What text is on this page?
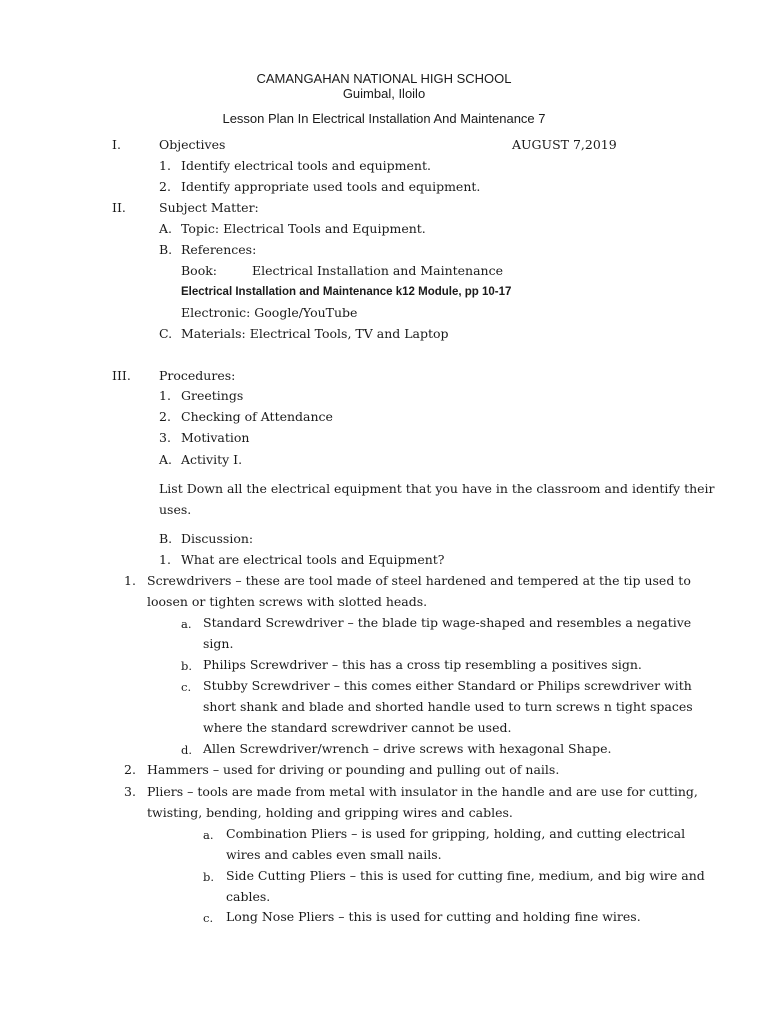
CAMANGAHAN NATIONAL HIGH SCHOOL
Guimbal, Iloilo
Lesson Plan In Electrical Installation And Maintenance 7
I.	Objectives	AUGUST 7,2019
1. Identify electrical tools and equipment.
2. Identify appropriate used tools and equipment.
II.	Subject Matter:
A. Topic: Electrical Tools and Equipment.
B. References:
Book:	Electrical Installation and Maintenance
Electrical Installation and Maintenance k12 Module, pp 10-17
Electronic: Google/YouTube
C. Materials: Electrical Tools, TV and Laptop
III. Procedures:
1. Greetings
2. Checking of Attendance
3. Motivation
A. Activity I.
List Down all the electrical equipment that you have in the classroom and identify their
uses.
B. Discussion:
1. What are electrical tools and Equipment?
1. Screwdrivers – these are tool made of steel hardened and tempered at the tip used to
loosen or tighten screws with slotted heads.
a. Standard Screwdriver – the blade tip wage-shaped and resembles a negative
sign.
b. Philips Screwdriver – this has a cross tip resembling a positives sign.
c. Stubby Screwdriver – this comes either Standard or Philips screwdriver with
short shank and blade and shorted handle used to turn screws n tight spaces
where the standard screwdriver cannot be used.
d. Allen Screwdriver/wrench – drive screws with hexagonal Shape.
2. Hammers – used for driving or pounding and pulling out of nails.
3. Pliers – tools are made from metal with insulator in the handle and are use for cutting,
twisting, bending, holding and gripping wires and cables.
a. Combination Pliers – is used for gripping, holding, and cutting electrical
wires and cables even small nails.
b. Side Cutting Pliers – this is used for cutting fine, medium, and big wire and
cables.
c. Long Nose Pliers – this is used for cutting and holding fine wires.
